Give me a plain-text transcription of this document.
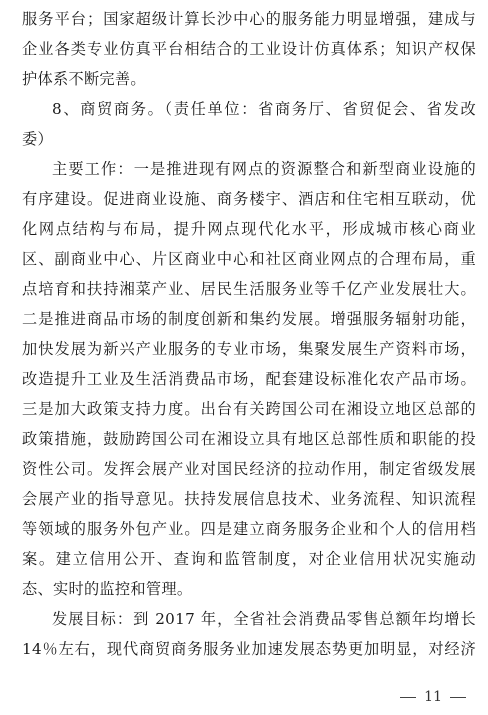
服务平台；国家超级计算长沙中心的服务能力明显增强，建成与
企业各类专业仿真平台相结合的工业设计仿真体系；知识产权保
护体系不断完善。
8、商贸商务。（责任单位：省商务厅、省贸促会、省发改
委）
主要工作：一是推进现有网点的资源整合和新型商业设施的
有序建设。促进商业设施、商务楼宇、酒店和住宅相互联动，优
化网点结构与布局，提升网点现代化水平，形成城市核心商业
区、副商业中心、片区商业中心和社区商业网点的合理布局，重
点培育和扶持湘菜产业、居民生活服务业等千亿产业发展壮大。
二是推进商品市场的制度创新和集约发展。增强服务辐射功能，
加快发展为新兴产业服务的专业市场，集聚发展生产资料市场，
改造提升工业及生活消费品市场，配套建设标准化农产品市场。
三是加大政策支持力度。出台有关跨国公司在湘设立地区总部的
政策措施，鼓励跨国公司在湘设立具有地区总部性质和职能的投
资性公司。发挥会展产业对国民经济的拉动作用，制定省级发展
会展产业的指导意见。扶持发展信息技术、业务流程、知识流程
等领域的服务外包产业。四是建立商务服务企业和个人的信用档
案。建立信用公开、查询和监管制度，对企业信用状况实施动
态、实时的监控和管理。
发展目标：到 2017 年，全省社会消费品零售总额年均增长
14％左右，现代商贸商务服务业加速发展态势更加明显，对经济
11
